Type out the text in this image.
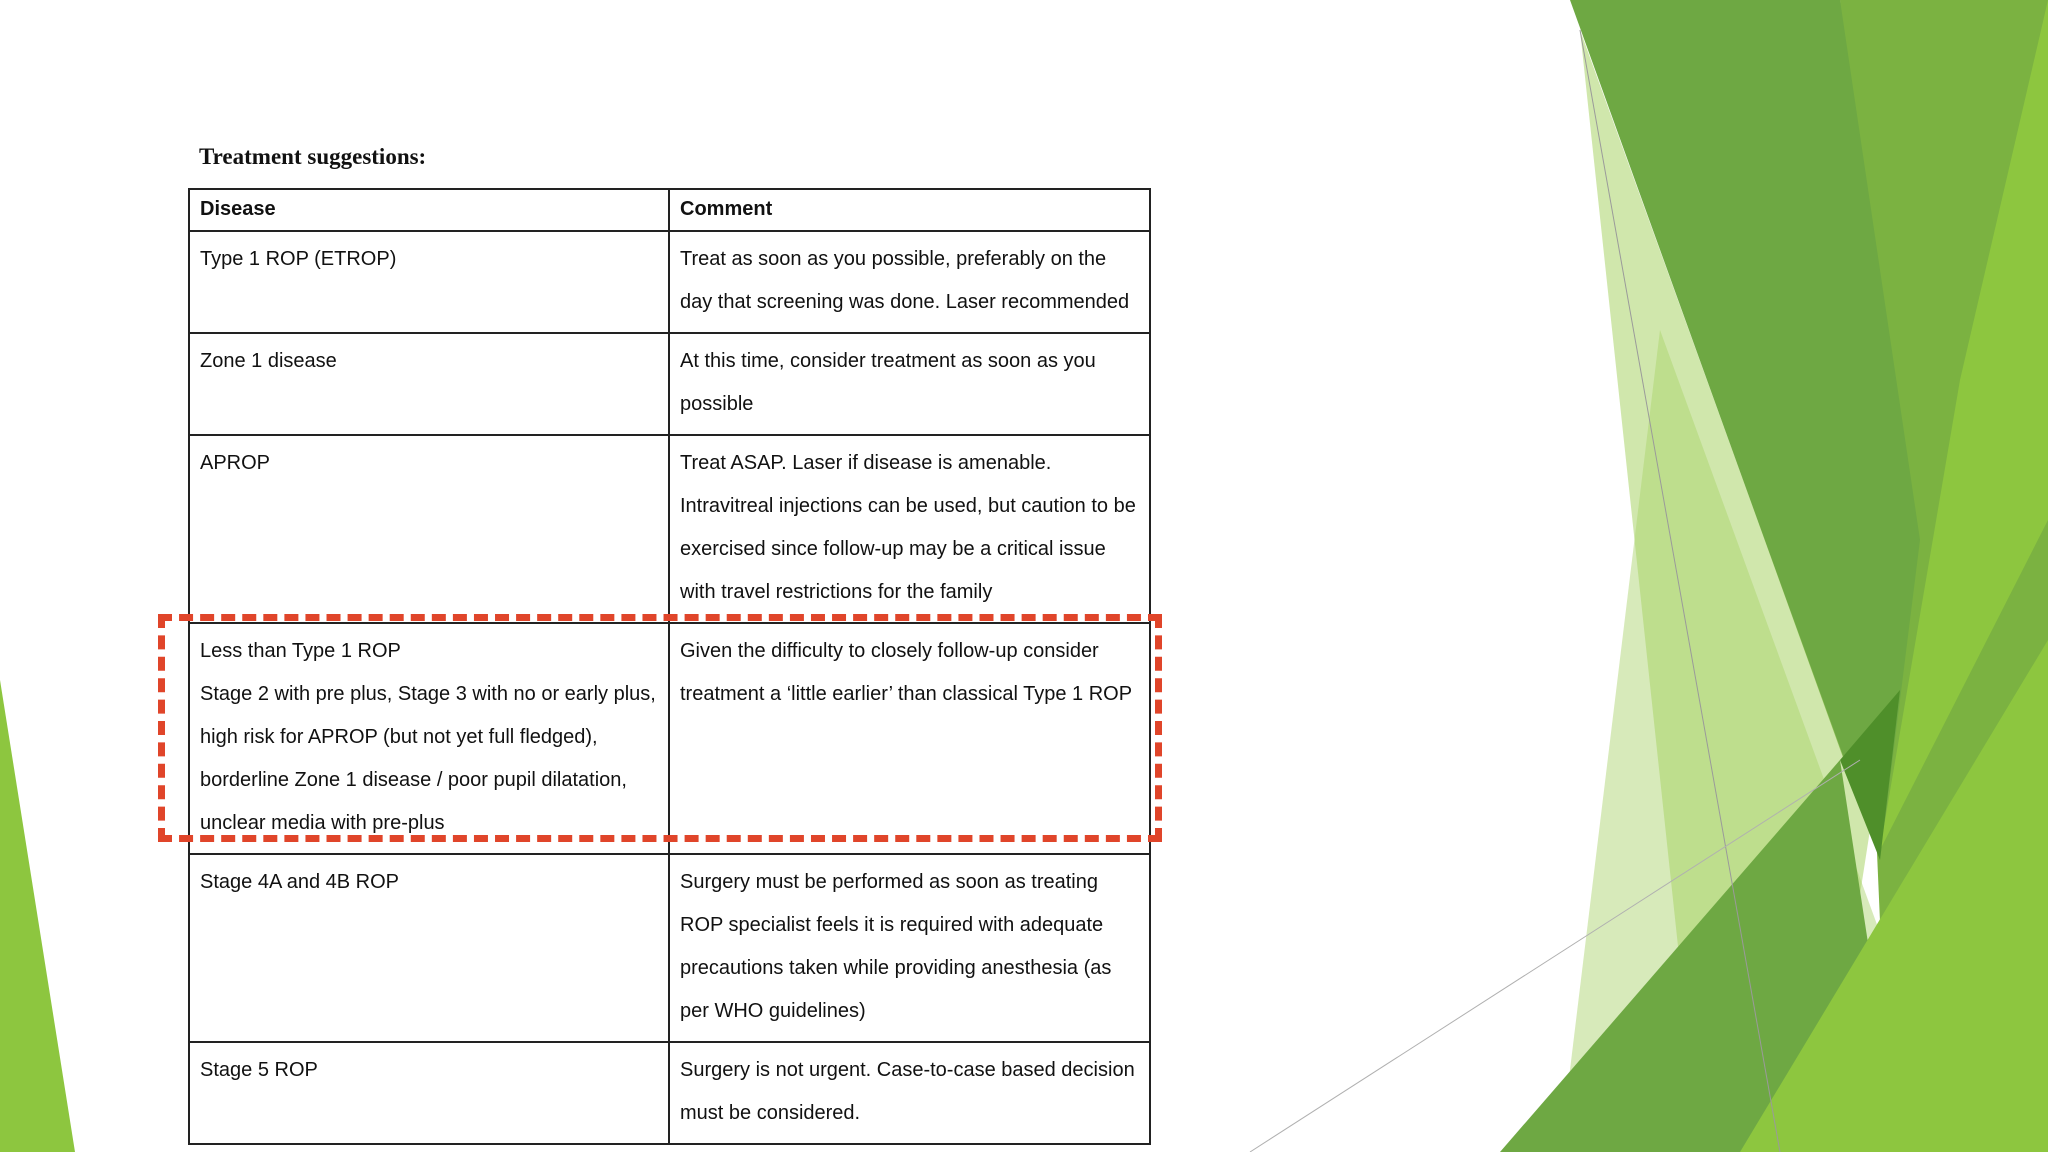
Treatment suggestions:
Disease	Comment

Type 1 ROP (ETROP)	Treat as soon as you possible, preferably on the day that screening was done. Laser recommended

Zone 1 disease	At this time, consider treatment as soon as you possible

APROP	Treat ASAP. Laser if disease is amenable. Intravitreal injections can be used, but caution to be exercised since follow-up may be a critical issue with travel restrictions for the family

Less than Type 1 ROP
Stage 2 with pre plus, Stage 3 with no or early plus, high risk for APROP (but not yet full fledged), borderline Zone 1 disease / poor pupil dilatation, unclear media with pre-plus	Given the difficulty to closely follow-up consider treatment a ‘little earlier’ than classical Type 1 ROP

Stage 4A and 4B ROP	Surgery must be performed as soon as treating ROP specialist feels it is required with adequate precautions taken while providing anesthesia (as per WHO guidelines)

Stage 5 ROP	Surgery is not urgent. Case-to-case based decision must be considered.
